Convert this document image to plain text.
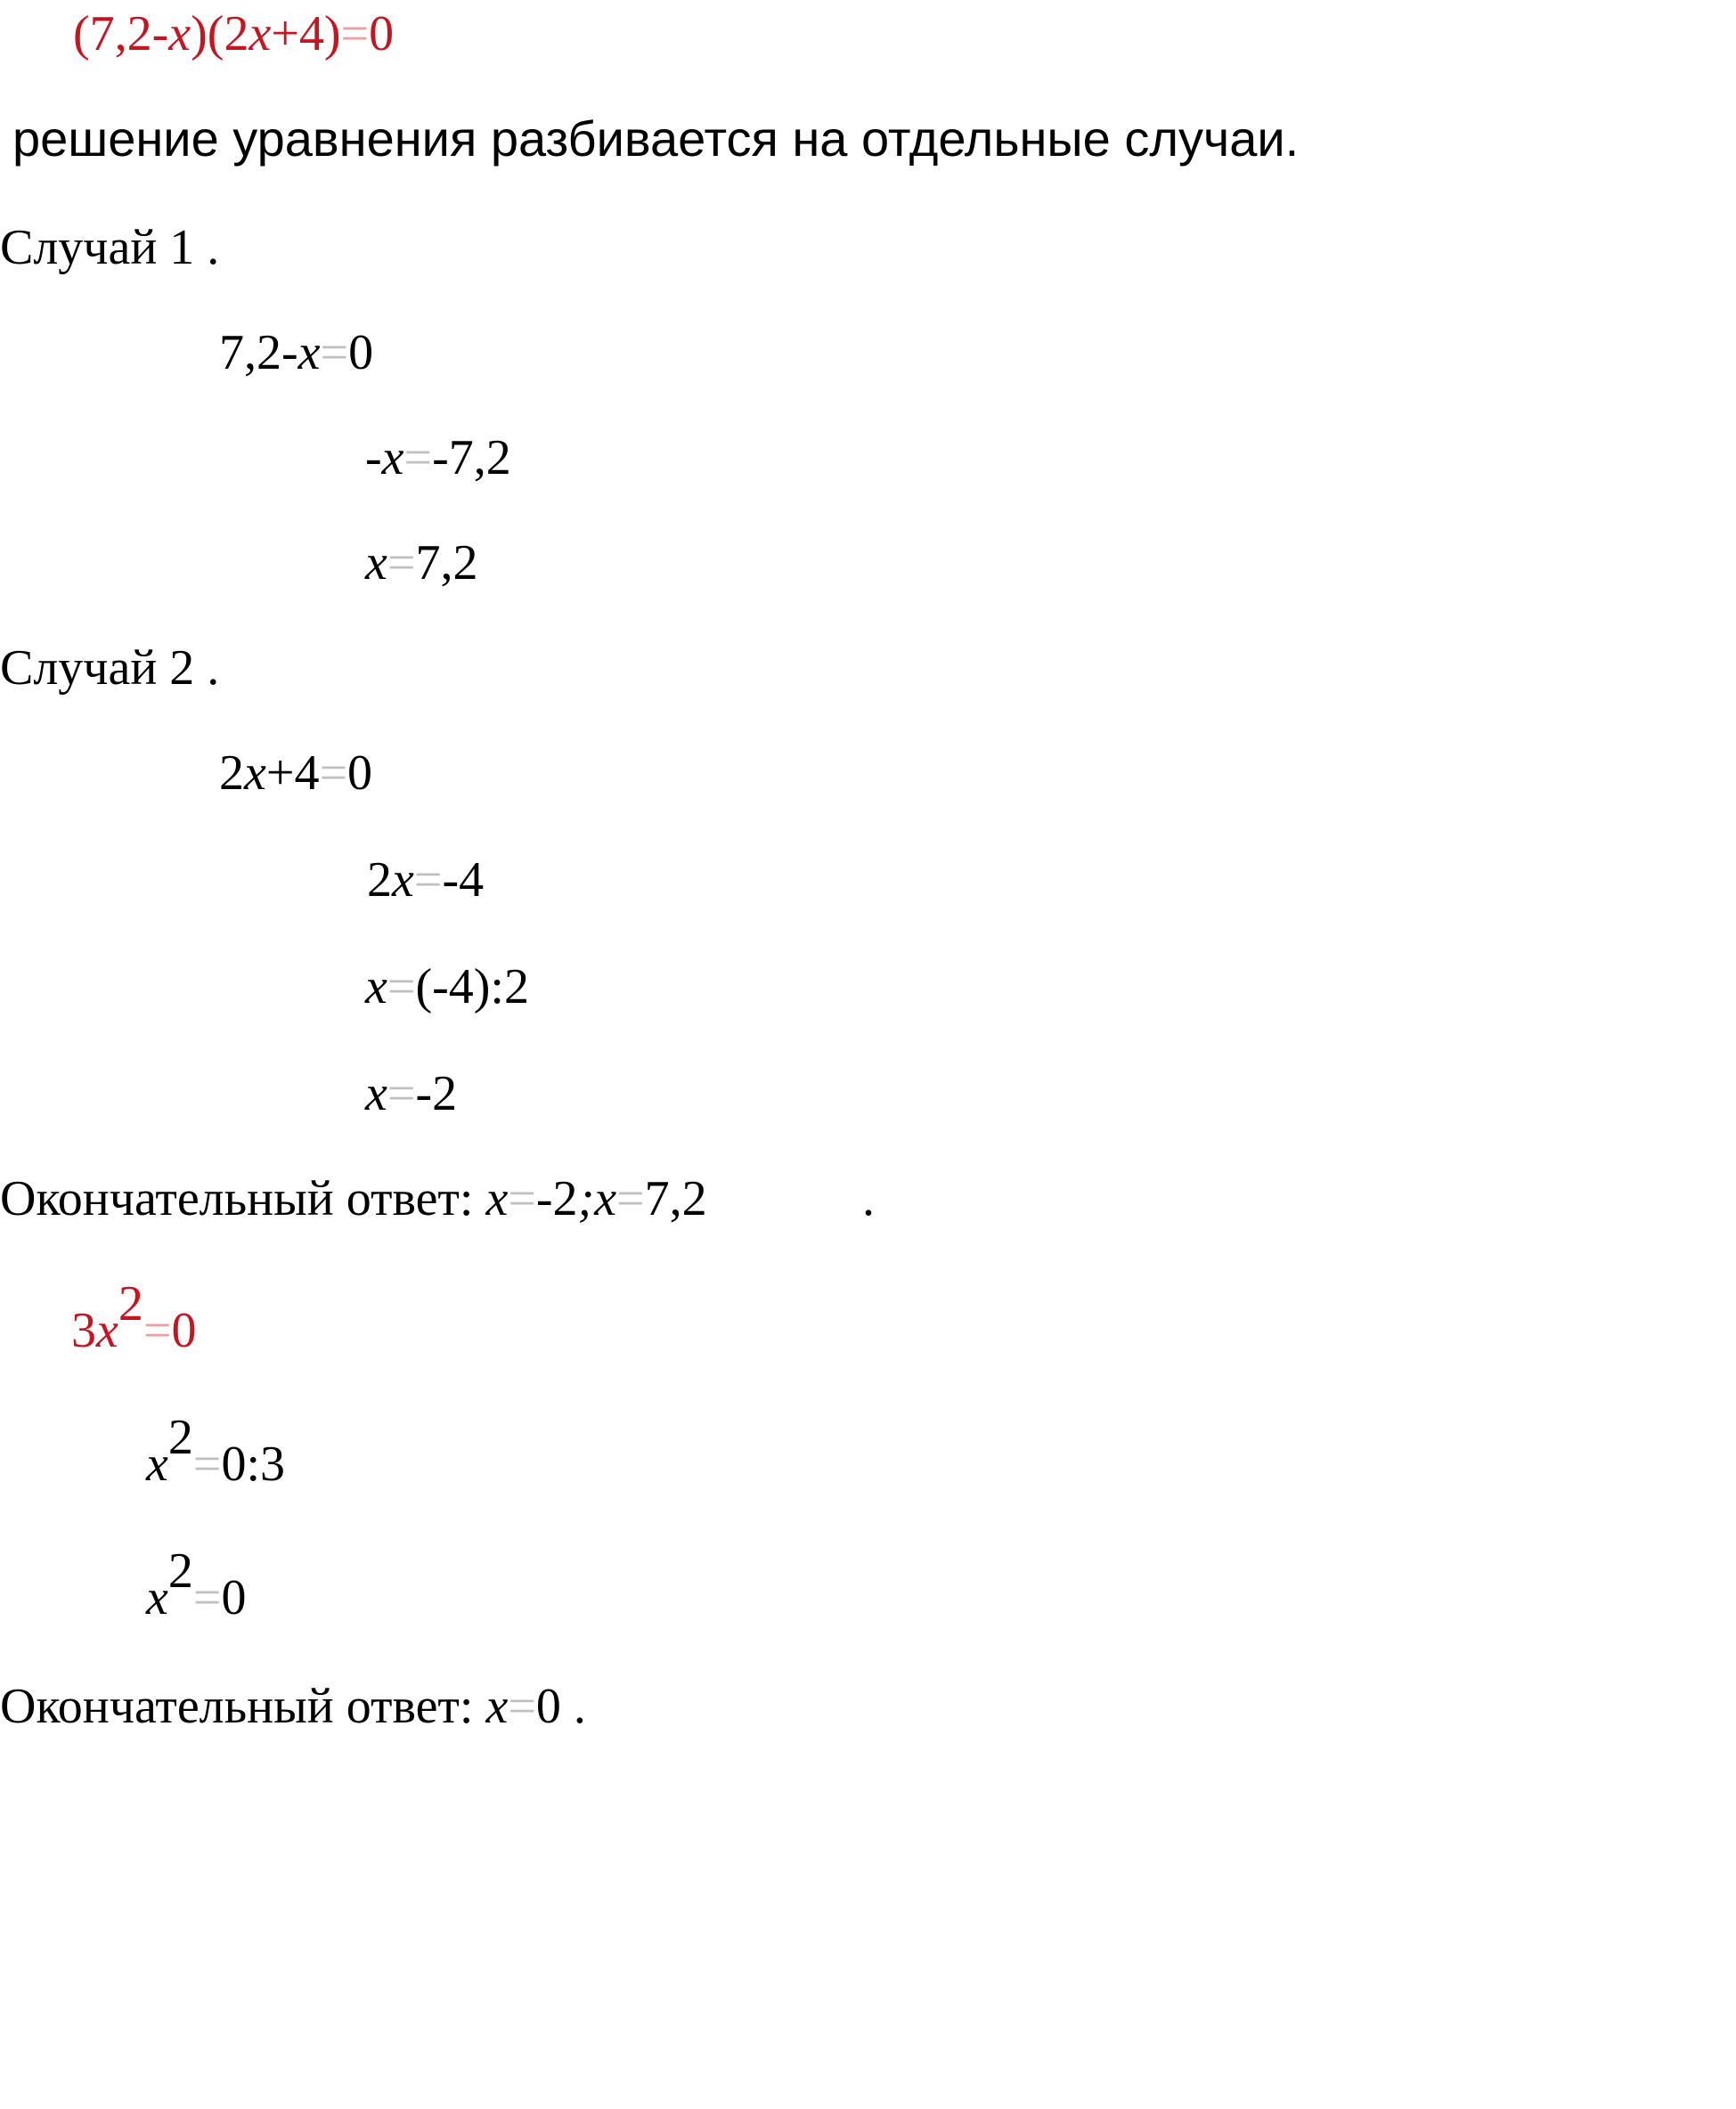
(7,2-x)(2x+4)=0
решение уравнения разбивается на отдельные случаи.
Случай 1 .
7,2-x=0
-x=-7,2
x=7,2
Случай 2 .
2x+4=0
2x=-4
x=(-4):2
x=-2
Окончательный ответ: x=-2;x=7,2	.
3x2=0
x2=0:3
x2=0
Окончательный ответ: x=0 .
